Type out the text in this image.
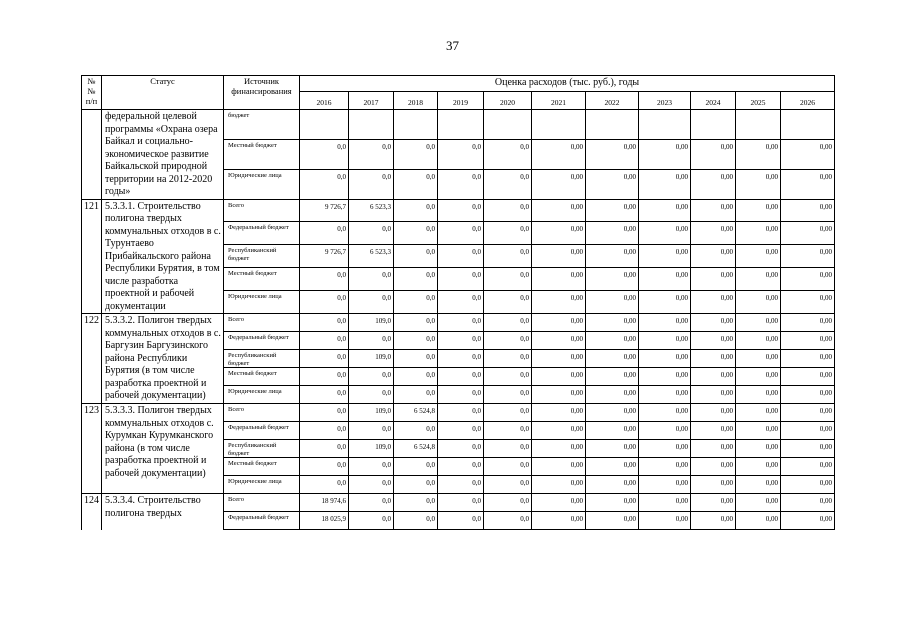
37
№
№
п/п	Статус	Источник финансирования	Оценка расходов (тыс. руб.), годы										
			2016	2017	2018	2019	2020	2021	2022	2023	2024	2025	2026
	федеральной целевой программы «Охрана озера Байкал и социально-экономическое развитие Байкальской природной территории на 2012-2020 годы»	бюджет											
		Местный бюджет	0,0	0,0	0,0	0,0	0,0	0,00	0,00	0,00	0,00	0,00	0,00
		Юридические лица	0,0	0,0	0,0	0,0	0,0	0,00	0,00	0,00	0,00	0,00	0,00
121	5.3.3.1. Строительство полигона твердых коммунальных отходов в с. Турунтаево Прибайкальского района Республики Бурятия, в том числе разработка проектной и рабочей документации	Всего	9 726,7	6 523,3	0,0	0,0	0,0	0,00	0,00	0,00	0,00	0,00	0,00
		Федеральный бюджет	0,0	0,0	0,0	0,0	0,0	0,00	0,00	0,00	0,00	0,00	0,00
		Республиканский бюджет	9 726,7	6 523,3	0,0	0,0	0,0	0,00	0,00	0,00	0,00	0,00	0,00
		Местный бюджет	0,0	0,0	0,0	0,0	0,0	0,00	0,00	0,00	0,00	0,00	0,00
		Юридические лица	0,0	0,0	0,0	0,0	0,0	0,00	0,00	0,00	0,00	0,00	0,00
122	5.3.3.2. Полигон твердых коммунальных отходов в с. Баргузин Баргузинского района Республики Бурятия (в том числе разработка проектной и рабочей документации)	Всего	0,0	109,0	0,0	0,0	0,0	0,00	0,00	0,00	0,00	0,00	0,00
		Федеральный бюджет	0,0	0,0	0,0	0,0	0,0	0,00	0,00	0,00	0,00	0,00	0,00
		Республиканский бюджет	0,0	109,0	0,0	0,0	0,0	0,00	0,00	0,00	0,00	0,00	0,00
		Местный бюджет	0,0	0,0	0,0	0,0	0,0	0,00	0,00	0,00	0,00	0,00	0,00
		Юридические лица	0,0	0,0	0,0	0,0	0,0	0,00	0,00	0,00	0,00	0,00	0,00
123	5.3.3.3. Полигон твердых коммунальных отходов с. Курумкан Курумканского района (в том числе разработка проектной и рабочей документации)	Всего	0,0	109,0	6 524,8	0,0	0,0	0,00	0,00	0,00	0,00	0,00	0,00
		Федеральный бюджет	0,0	0,0	0,0	0,0	0,0	0,00	0,00	0,00	0,00	0,00	0,00
		Республиканский бюджет	0,0	109,0	6 524,8	0,0	0,0	0,00	0,00	0,00	0,00	0,00	0,00
		Местный бюджет	0,0	0,0	0,0	0,0	0,0	0,00	0,00	0,00	0,00	0,00	0,00
		Юридические лица	0,0	0,0	0,0	0,0	0,0	0,00	0,00	0,00	0,00	0,00	0,00
124	5.3.3.4. Строительство полигона твердых	Всего	18 974,6	0,0	0,0	0,0	0,0	0,00	0,00	0,00	0,00	0,00	0,00
		Федеральный бюджет	18 025,9	0,0	0,0	0,0	0,0	0,00	0,00	0,00	0,00	0,00	0,00
